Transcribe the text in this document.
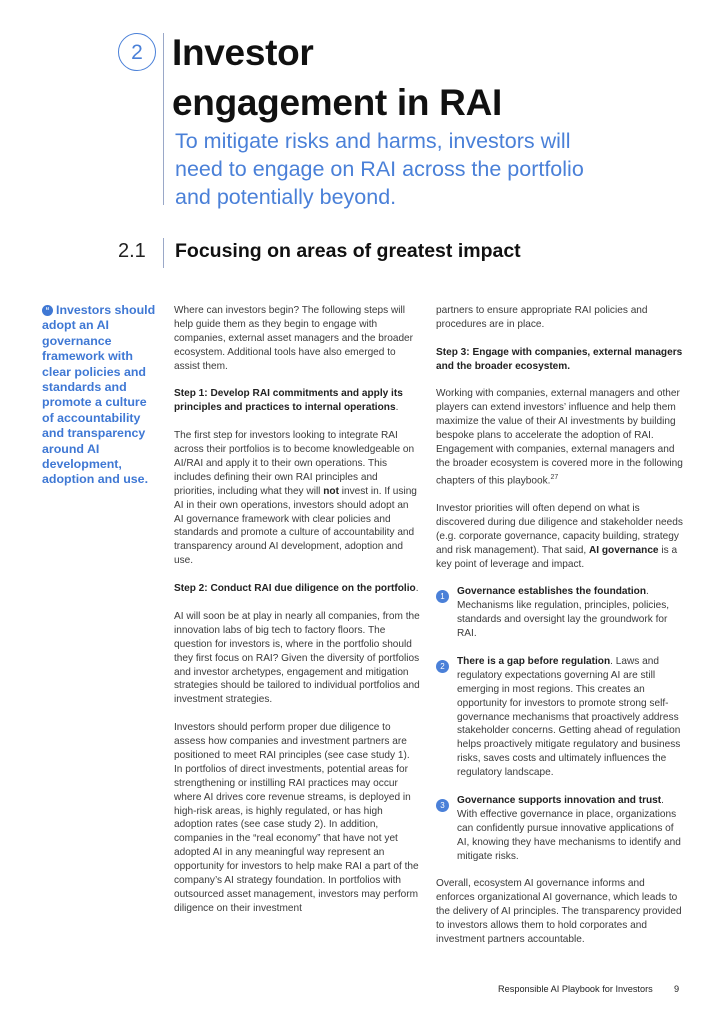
2 Investor
engagement in RAI
To mitigate risks and harms, investors will
need to engage on RAI across the portfolio
and potentially beyond.
2.1	Focusing on areas of greatest impact
“ Investors should adopt an AI governance framework with clear policies and standards and promote a culture of accountability and transparency around AI development, adoption and use.

Where can investors begin? The following steps will help guide them as they begin to engage with companies, external asset managers and the broader ecosystem. Additional tools have also emerged to assist them.

Step 1: Develop RAI commitments and apply its principles and practices to internal operations.

The first step for investors looking to integrate RAI across their portfolios is to become knowledgeable on AI/RAI and apply it to their own operations. This includes defining their own RAI principles and priorities, including what they will not invest in. If using AI in their own operations, investors should adopt an AI governance framework with clear policies and standards and promote a culture of accountability and transparency around AI development, adoption and use.

Step 2: Conduct RAI due diligence on the portfolio.

AI will soon be at play in nearly all companies, from the innovation labs of big tech to factory floors. The question for investors is, where in the portfolio should they first focus on RAI? Given the diversity of portfolios and investor archetypes, engagement and mitigation strategies should be tailored to individual portfolios and investment strategies.

Investors should perform proper due diligence to assess how companies and investment partners are positioned to meet RAI principles (see case study 1). In portfolios of direct investments, potential areas for strengthening or instilling RAI practices may occur where AI drives core revenue streams, is deployed in high-risk areas, is highly regulated, or has high adoption rates (see case study 2). In addition, companies in the “real economy” that have not yet adopted AI in any meaningful way represent an opportunity for investors to help make RAI a part of the company’s AI strategy foundation. In portfolios with outsourced asset management, investors may perform diligence on their investment

partners to ensure appropriate RAI policies and procedures are in place.

Step 3: Engage with companies, external managers and the broader ecosystem.

Working with companies, external managers and other players can extend investors’ influence and help them maximize the value of their AI investments by building bespoke plans to accelerate the adoption of RAI. Engagement with companies, external managers and the broader ecosystem is covered more in the following chapters of this playbook.$^{27}$

Investor priorities will often depend on what is discovered during due diligence and stakeholder needs (e.g. corporate governance, capacity building, strategy and risk management). That said, AI governance is a key point of leverage and impact.

1	Governance establishes the foundation. Mechanisms like regulation, principles, policies, standards and oversight lay the groundwork for RAI.
2	There is a gap before regulation. Laws and regulatory expectations governing AI are still emerging in most regions. This creates an opportunity for investors to promote strong self-governance mechanisms that proactively address stakeholder concerns. Getting ahead of regulation helps proactively mitigate regulatory and business risks, saves costs and ultimately influences the regulatory landscape.
3	Governance supports innovation and trust. With effective governance in place, organizations can confidently pursue innovative applications of AI, knowing they have mechanisms to identify and mitigate risks.

Overall, ecosystem AI governance informs and enforces organizational AI governance, which leads to the delivery of AI principles. The transparency provided to investors allows them to hold corporates and investment partners accountable.

Responsible AI Playbook for Investors 9
